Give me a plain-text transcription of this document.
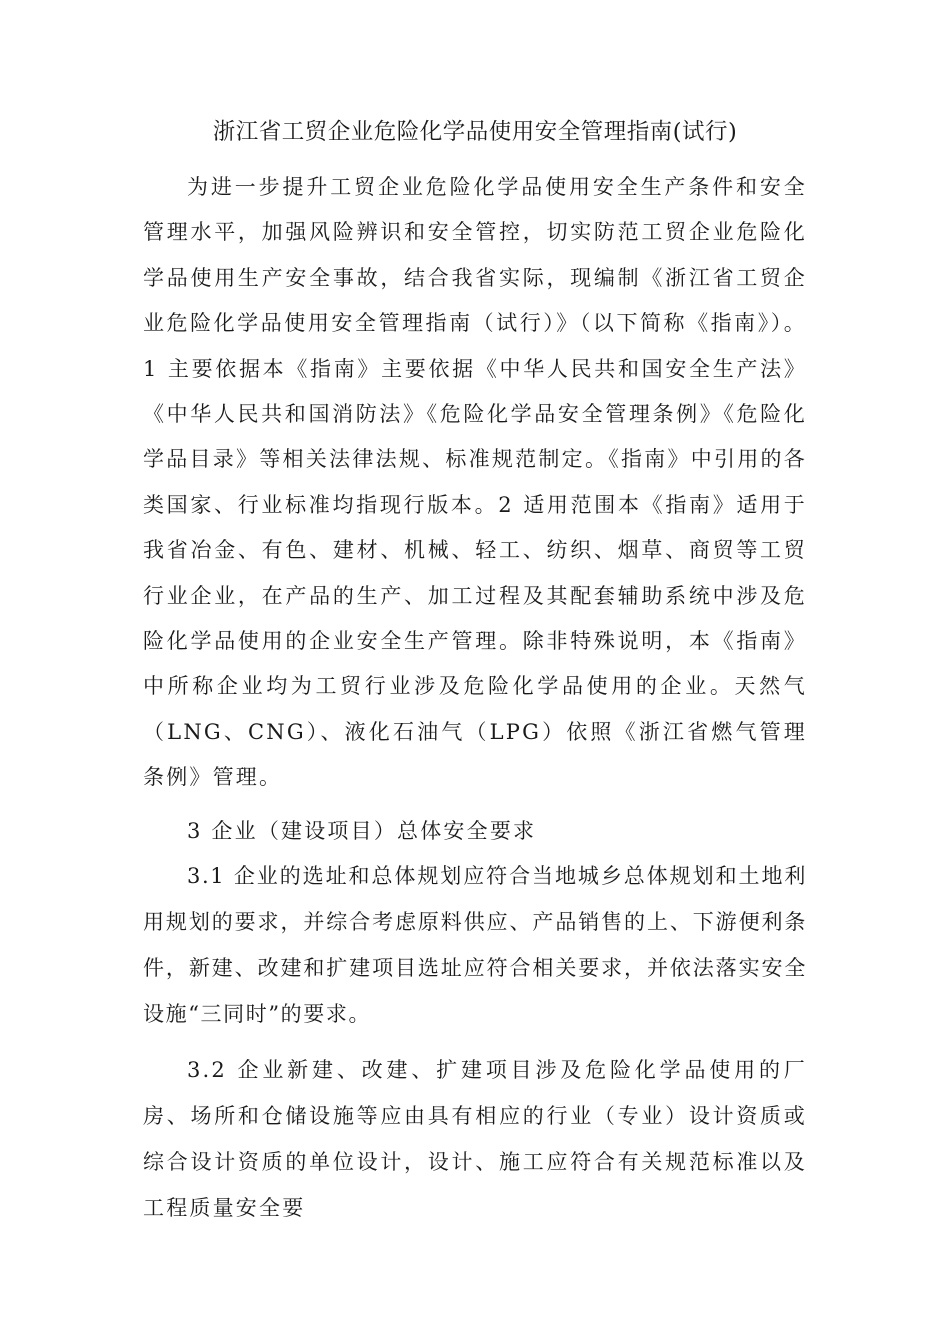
浙江省工贸企业危险化学品使用安全管理指南(试行)
为进一步提升工贸企业危险化学品使用安全生产条件和安全管理水平，加强风险辨识和安全管控，切实防范工贸企业危险化学品使用生产安全事故，结合我省实际，现编制《浙江省工贸企业危险化学品使用安全管理指南（试行）》（以下简称《指南》）。1 主要依据本《指南》主要依据《中华人民共和国安全生产法》《中华人民共和国消防法》《危险化学品安全管理条例》《危险化学品目录》等相关法律法规、标准规范制定。《指南》中引用的各类国家、行业标准均指现行版本。2 适用范围本《指南》适用于我省冶金、有色、建材、机械、轻工、纺织、烟草、商贸等工贸行业企业，在产品的生产、加工过程及其配套辅助系统中涉及危险化学品使用的企业安全生产管理。除非特殊说明，本《指南》中所称企业均为工贸行业涉及危险化学品使用的企业。天然气（LNG、CNG）、液化石油气（LPG）依照《浙江省燃气管理条例》管理。
3 企业（建设项目）总体安全要求
3.1 企业的选址和总体规划应符合当地城乡总体规划和土地利用规划的要求，并综合考虑原料供应、产品销售的上、下游便利条件，新建、改建和扩建项目选址应符合相关要求，并依法落实安全设施“三同时”的要求。
3.2 企业新建、改建、扩建项目涉及危险化学品使用的厂房、场所和仓储设施等应由具有相应的行业（专业）设计资质或综合设计资质的单位设计，设计、施工应符合有关规范标准以及工程质量安全要
